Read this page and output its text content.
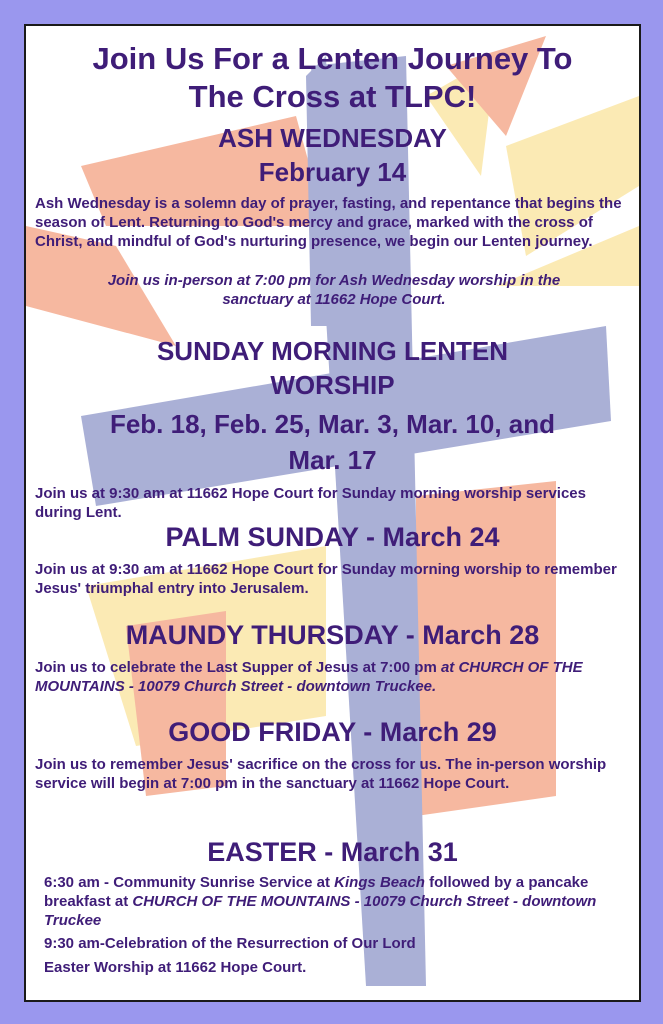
Join Us For a Lenten Journey To
The Cross at TLPC!
ASH WEDNESDAY
February 14
Ash Wednesday is a solemn day of prayer, fasting, and repentance that begins the season of Lent. Returning to God's mercy and grace, marked with the cross of Christ, and mindful of God's nurturing presence, we begin our Lenten journey.
Join us in-person at 7:00 pm for Ash Wednesday worship in the
sanctuary at 11662 Hope Court.
SUNDAY MORNING LENTEN
WORSHIP
Feb. 18, Feb. 25, Mar. 3, Mar. 10, and
Mar. 17
Join us at 9:30 am at 11662 Hope Court for Sunday morning worship services during Lent.
PALM SUNDAY - March 24
Join us at 9:30 am at 11662 Hope Court for Sunday morning worship to remember Jesus' triumphal entry into Jerusalem.
MAUNDY THURSDAY - March 28
Join us to celebrate the Last Supper of Jesus at 7:00 pm at CHURCH OF THE MOUNTAINS - 10079 Church Street - downtown Truckee.
GOOD FRIDAY - March 29
Join us to remember Jesus' sacrifice on the cross for us. The in-person worship service will begin at 7:00 pm in the sanctuary at 11662 Hope Court.
EASTER - March 31
6:30 am - Community Sunrise Service at Kings Beach followed by a pancake breakfast at CHURCH OF THE MOUNTAINS - 10079 Church Street - downtown Truckee
9:30 am-Celebration of the Resurrection of Our Lord
Easter Worship at 11662 Hope Court.
